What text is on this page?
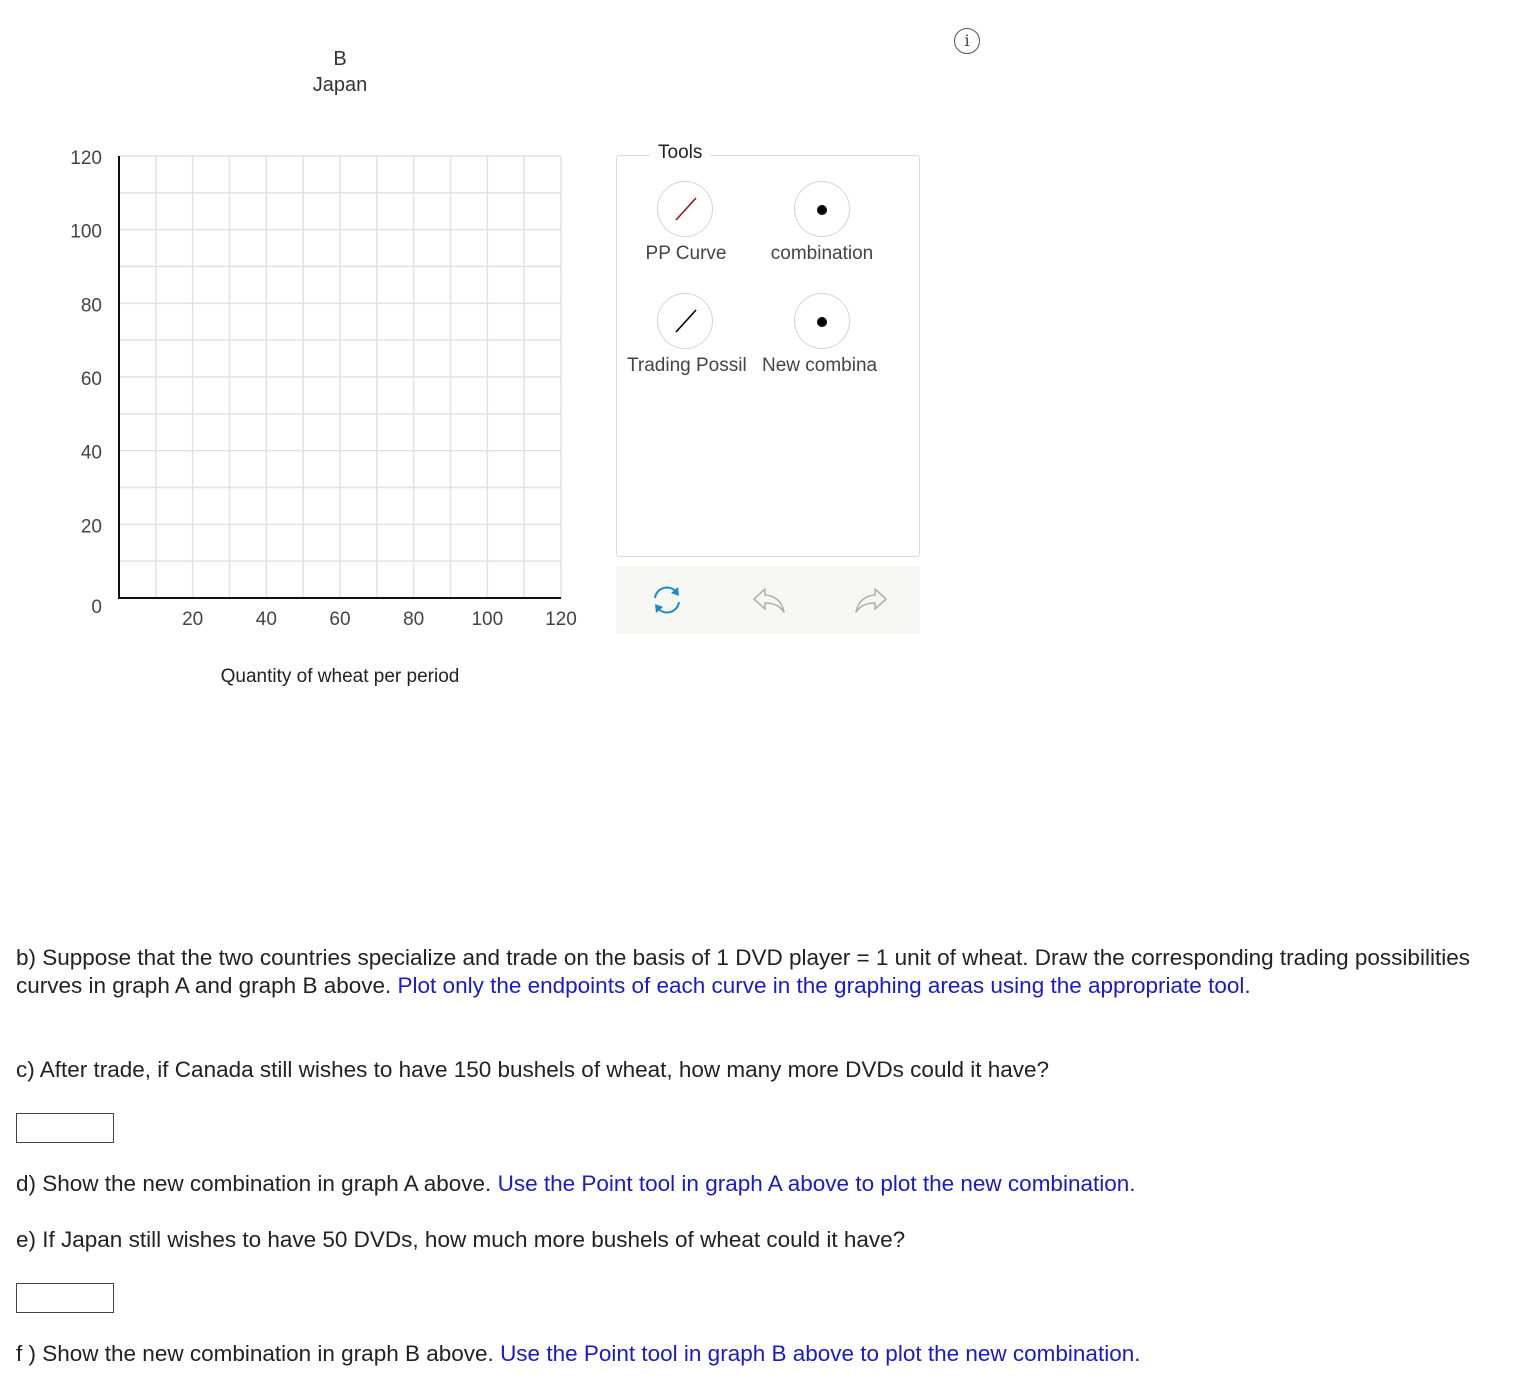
i
B
Japan
Quantity of wheat per period
0
20
40
60
80
100
120
20	40	60	80 100 120
Tools
PP Curve	combination
Trading Possil New combina
b) Suppose that the two countries specialize and trade on the basis of 1 DVD player = 1 unit of wheat. Draw the corresponding trading possibilities curves in graph A and graph B above. Plot only the endpoints of each curve in the graphing areas using the appropriate tool.
c) After trade, if Canada still wishes to have 150 bushels of wheat, how many more DVDs could it have?
d) Show the new combination in graph A above. Use the Point tool in graph A above to plot the new combination.
e) If Japan still wishes to have 50 DVDs, how much more bushels of wheat could it have?
f ) Show the new combination in graph B above. Use the Point tool in graph B above to plot the new combination.
